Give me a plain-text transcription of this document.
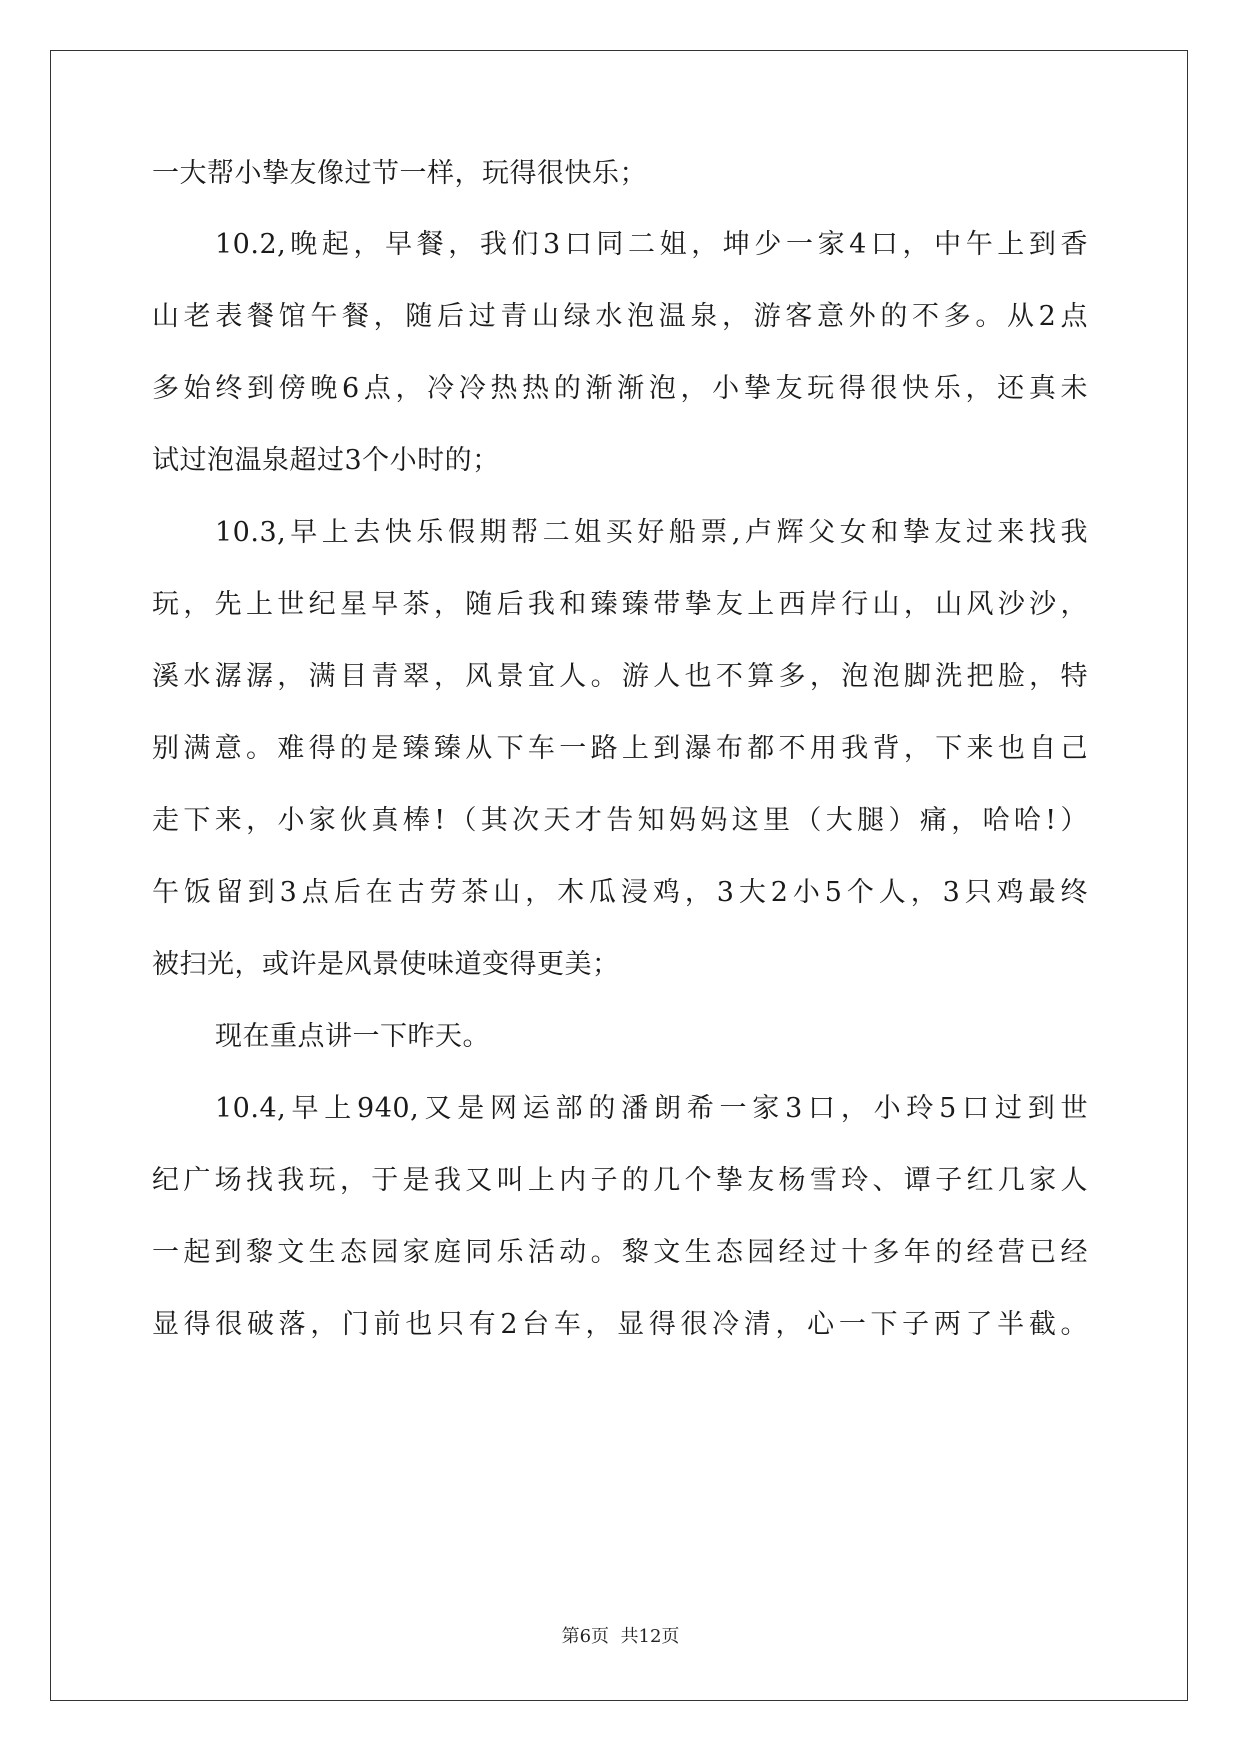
一大帮小挚友像过节一样，玩得很快乐；
10.2,晚起，早餐，我们3口同二姐，坤少一家4口，中午上到香
山老表餐馆午餐，随后过青山绿水泡温泉，游客意外的不多。从2点
多始终到傍晚6点，冷冷热热的渐渐泡，小挚友玩得很快乐，还真未
试过泡温泉超过3个小时的；
10.3,早上去快乐假期帮二姐买好船票,卢辉父女和挚友过来找我
玩，先上世纪星早茶，随后我和臻臻带挚友上西岸行山，山风沙沙，
溪水潺潺，满目青翠，风景宜人。游人也不算多，泡泡脚洗把脸，特
别满意。难得的是臻臻从下车一路上到瀑布都不用我背，下来也自己
走下来，小家伙真棒!（其次天才告知妈妈这里（大腿）痛，哈哈!）
午饭留到3点后在古劳茶山，木瓜浸鸡，3大2小5个人，3只鸡最终
被扫光，或许是风景使味道变得更美；
现在重点讲一下昨天。
10.4,早上940,又是网运部的潘朗希一家3口，小玲5口过到世
纪广场找我玩，于是我又叫上内子的几个挚友杨雪玲、谭子红几家人
一起到黎文生态园家庭同乐活动。黎文生态园经过十多年的经营已经
显得很破落，门前也只有2台车，显得很冷清，心一下子两了半截。
第6页  共12页
